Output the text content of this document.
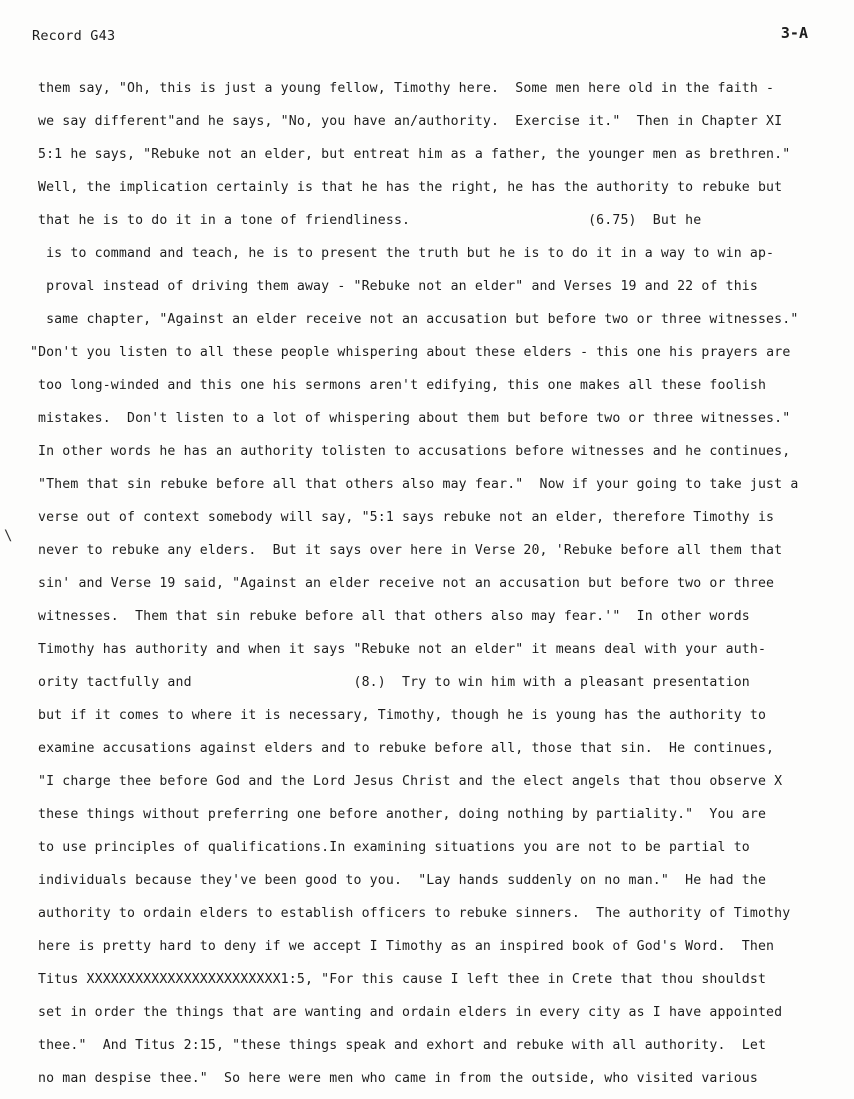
Record G43	3-A
\
them say, "Oh, this is just a young fellow, Timothy here.  Some men here old in the faith -
we say different"and he says, "No, you have an/authority.  Exercise it."  Then in Chapter XI
5:1 he says, "Rebuke not an elder, but entreat him as a father, the younger men as brethren."
Well, the implication certainly is that he has the right, he has the authority to rebuke but
that he is to do it in a tone of friendliness.                      (6.75)  But he
is to command and teach, he is to present the truth but he is to do it in a way to win ap-
proval instead of driving them away - "Rebuke not an elder" and Verses 19 and 22 of this
same chapter, "Against an elder receive not an accusation but before two or three witnesses."
"Don't you listen to all these people whispering about these elders - this one his prayers are
too long-winded and this one his sermons aren't edifying, this one makes all these foolish
mistakes.  Don't listen to a lot of whispering about them but before two or three witnesses."
In other words he has an authority tolisten to accusations before witnesses and he continues,
"Them that sin rebuke before all that others also may fear."  Now if your going to take just a
verse out of context somebody will say, "5:1 says rebuke not an elder, therefore Timothy is
never to rebuke any elders.  But it says over here in Verse 20, 'Rebuke before all them that
sin' and Verse 19 said, "Against an elder receive not an accusation but before two or three
witnesses.  Them that sin rebuke before all that others also may fear.'"  In other words
Timothy has authority and when it says "Rebuke not an elder" it means deal with your auth-
ority tactfully and                    (8.)  Try to win him with a pleasant presentation
but if it comes to where it is necessary, Timothy, though he is young has the authority to
examine accusations against elders and to rebuke before all, those that sin.  He continues,
"I charge thee before God and the Lord Jesus Christ and the elect angels that thou observe X
these things without preferring one before another, doing nothing by partiality."  You are
to use principles of qualifications.In examining situations you are not to be partial to
individuals because they've been good to you.  "Lay hands suddenly on no man."  He had the
authority to ordain elders to establish officers to rebuke sinners.  The authority of Timothy
here is pretty hard to deny if we accept I Timothy as an inspired book of God's Word.  Then
Titus XXXXXXXXXXXXXXXXXXXXXXXX1:5, "For this cause I left thee in Crete that thou shouldst
set in order the things that are wanting and ordain elders in every city as I have appointed
thee."  And Titus 2:15, "these things speak and exhort and rebuke with all authority.  Let
no man despise thee."  So here were men who came in from the outside, who visited various
